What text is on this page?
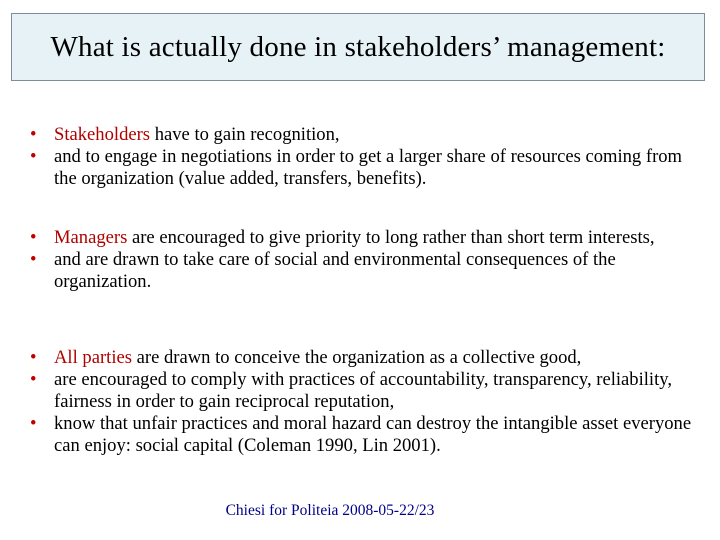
What is actually done in stakeholders’ management:
• Stakeholders have to gain recognition,
• and to engage in negotiations in order to get a larger share of resources coming from the organization (value added, transfers, benefits).
• Managers are encouraged to give priority to long rather than short term interests,
• and are drawn to take care of social and environmental consequences of the organization.
• All parties are drawn to conceive the organization as a collective good,
• are encouraged to comply with practices of accountability, transparency, reliability, fairness in order to gain reciprocal reputation,
• know that unfair practices and moral hazard can destroy the intangible asset everyone can enjoy: social capital (Coleman 1990, Lin 2001).
Chiesi for Politeia 2008-05-22/23
